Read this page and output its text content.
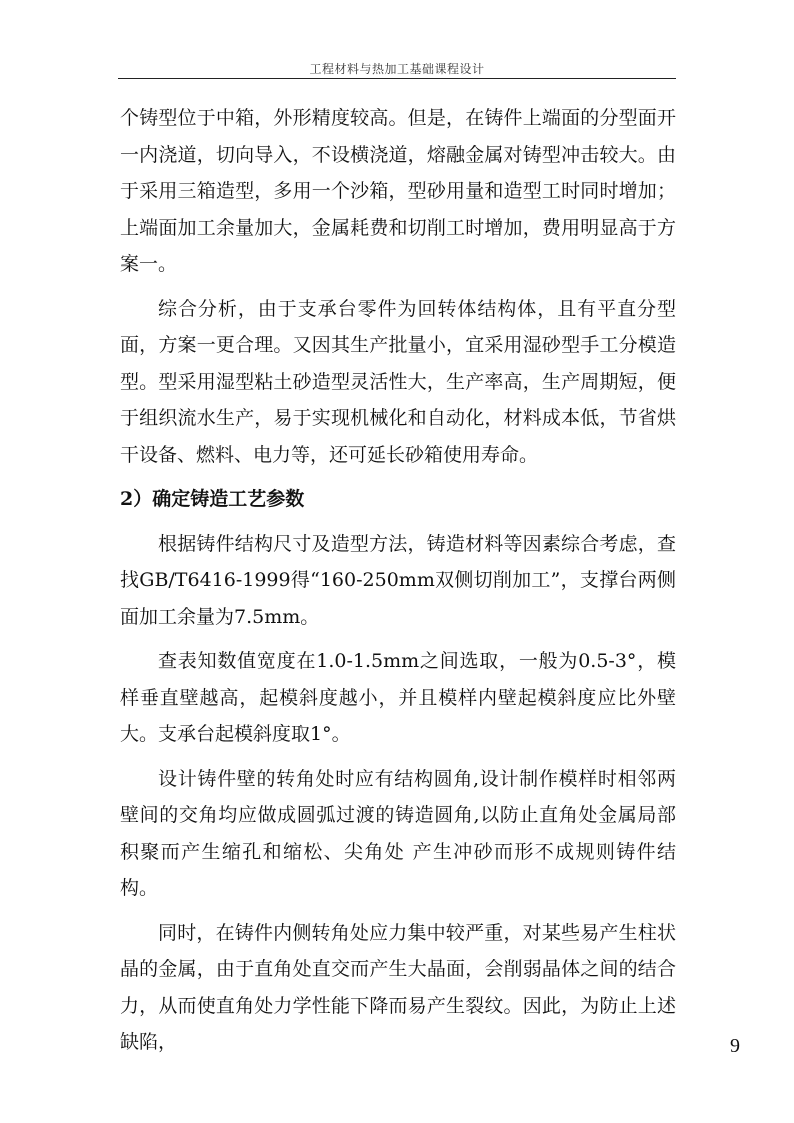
工程材料与热加工基础课程设计

个铸型位于中箱，外形精度较高。但是，在铸件上端面的分型面开一内浇道，切向导入，不设横浇道，熔融金属对铸型冲击较大。由于采用三箱造型，多用一个沙箱，型砂用量和造型工时同时增加；上端面加工余量加大，金属耗费和切削工时增加，费用明显高于方案一。

综合分析，由于支承台零件为回转体结构体，且有平直分型面，方案一更合理。又因其生产批量小，宜采用湿砂型手工分模造型。型采用湿型粘土砂造型灵活性大，生产率高，生产周期短，便于组织流水生产，易于实现机械化和自动化，材料成本低，节省烘干设备、燃料、电力等，还可延长砂箱使用寿命。

2）确定铸造工艺参数

根据铸件结构尺寸及造型方法，铸造材料等因素综合考虑，查找GB/T6416-1999得“160-250mm双侧切削加工”，支撑台两侧面加工余量为7.5mm。

查表知数值宽度在1.0-1.5mm之间选取，一般为0.5-3°，模样垂直壁越高，起模斜度越小，并且模样内壁起模斜度应比外壁大。支承台起模斜度取1°。

设计铸件壁的转角处时应有结构圆角,设计制作模样时相邻两壁间的交角均应做成圆弧过渡的铸造圆角,以防止直角处金属局部积聚而产生缩孔和缩松、尖角处 产生冲砂而形不成规则铸件结构。

同时，在铸件内侧转角处应力集中较严重，对某些易产生柱状晶的金属，由于直角处直交而产生大晶面，会削弱晶体之间的结合力，从而使直角处力学性能下降而易产生裂纹。因此，为防止上述缺陷，	9
